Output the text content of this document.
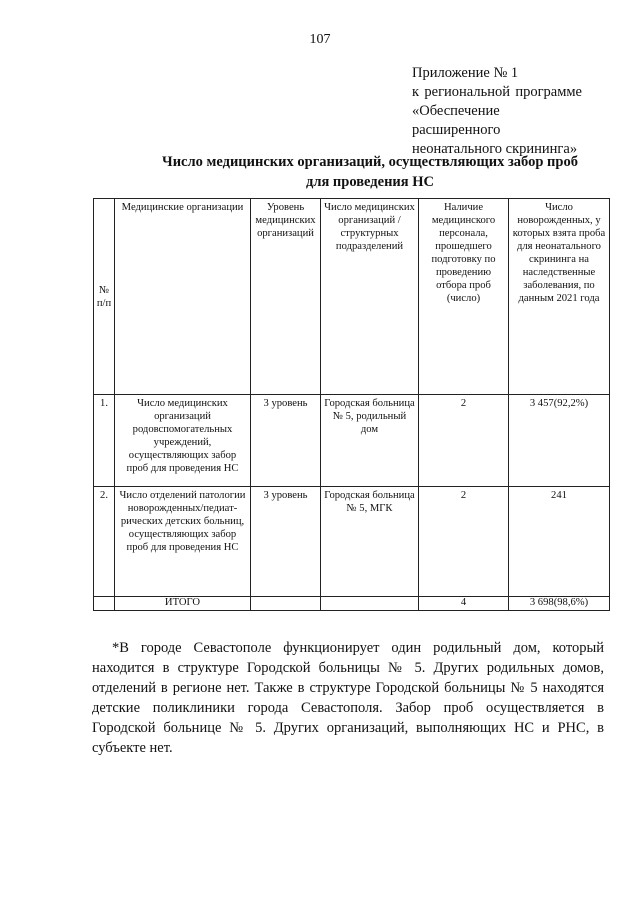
107
Приложение № 1
к региональной программе
«Обеспечение расширенного
неонатального скрининга»
Число медицинских организаций, осуществляющих забор проб
для проведения НС
№ п/п	Медицинские организации	Уровень медицинских организаций	Число медицинских организаций /структурных подразделений	Наличие медицинского персонала, прошедшего подготовку по проведению отбора проб (число)	Число новорожденных, у которых взята проба для неонатального скрининга на наследственные заболевания, по данным 2021 года
1.	Число медицинских организаций родовспомогательных учреждений, осуществляющих забор проб для проведения НС	3 уровень	Городская больница № 5, родильный дом	2	3 457(92,2%)
2.	Число отделений патологии новорожденных/педиат-рических детских больниц, осуществляющих забор проб для проведения НС	3 уровень	Городская больница № 5, МГК	2	241
	ИТОГО			4	3 698(98,6%)
*В городе Севастополе функционирует один родильный дом, который находится в структуре Городской больницы № 5. Других родильных домов, отделений в регионе нет. Также в структуре Городской больницы № 5 находятся детские поликлиники города Севастополя. Забор проб осуществляется в Городской больнице № 5. Других организаций, выполняющих НС и РНС, в субъекте нет.
